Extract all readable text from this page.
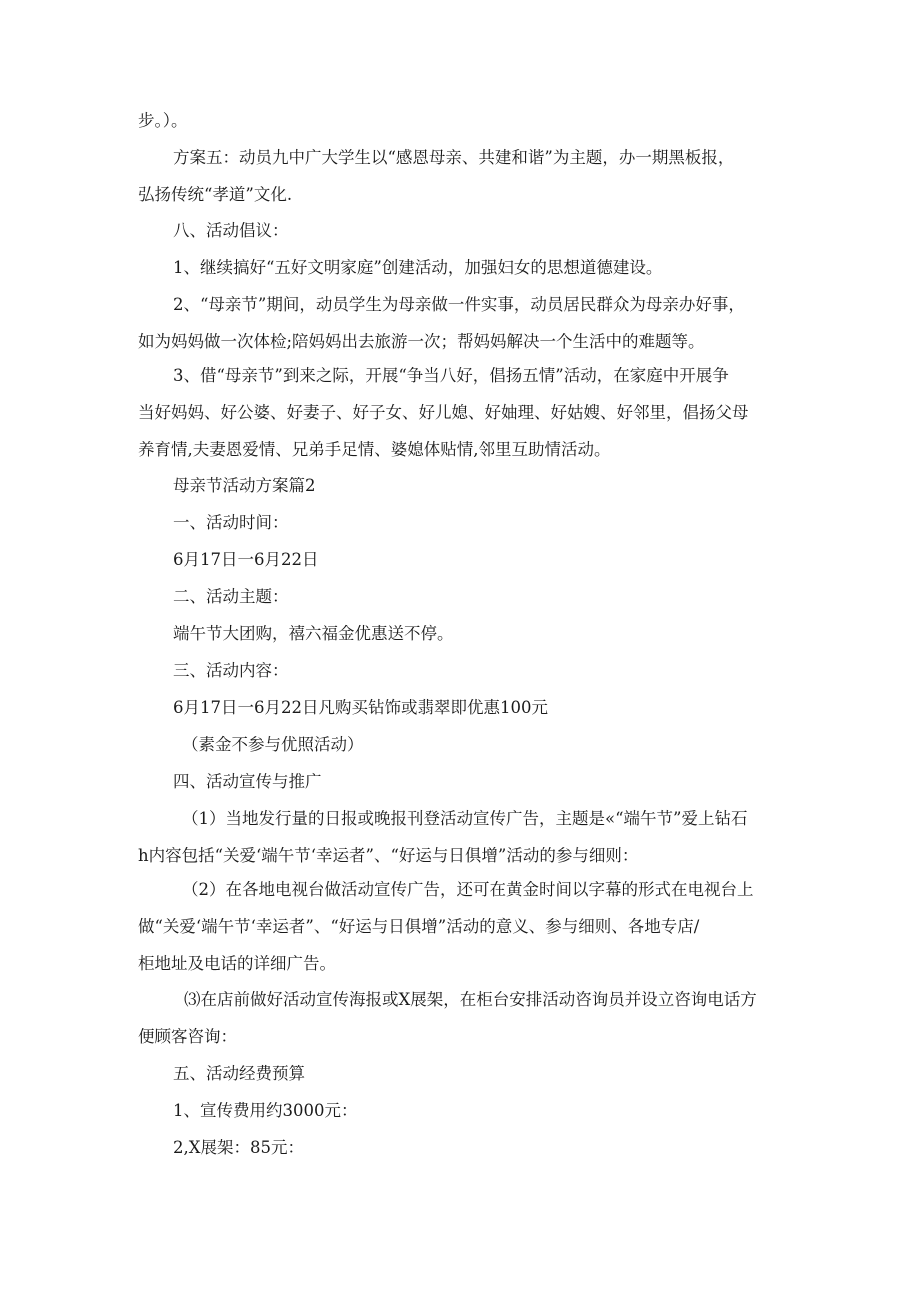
步。）。

方案五：动员九中广大学生以“感恩母亲、共建和谐”为主题，办一期黑板报，
弘扬传统“孝道”文化.

八、活动倡议：

1、继续搞好“五好文明家庭”创建活动，加强妇女的思想道德建设。

2、“母亲节”期间，动员学生为母亲做一件实事，动员居民群众为母亲办好事，
如为妈妈做一次体检;陪妈妈出去旅游一次；帮妈妈解决一个生活中的难题等。

3、借“母亲节”到来之际，开展“争当八好，倡扬五情”活动，在家庭中开展争
当好妈妈、好公婆、好妻子、好子女、好儿媳、好妯理、好姑嫂、好邻里，倡扬父母
养育情,夫妻恩爱情、兄弟手足情、婆媳体贴情,邻里互助情活动。

母亲节活动方案篇2

一、活动时间：

6月17日一6月22日

二、活动主题：

端午节大团购，禧六福金优惠送不停。

三、活动内容：

6月17日一6月22日凡购买钻饰或翡翠即优惠100元

（素金不参与优照活动）

四、活动宣传与推广

（1）当地发行量的日报或晚报刊登活动宣传广告，主题是«“端午节”爱上钻石
h内容包括“关爱‘端午节‘幸运者”、“好运与日俱增”活动的参与细则：

（2）在各地电视台做活动宣传广告，还可在黄金时间以字幕的形式在电视台上
做“关爱‘端午节‘幸运者”、“好运与日俱增”活动的意义、参与细则、各地专店/
柜地址及电话的详细广告。

⑶在店前做好活动宣传海报或X展架，在柜台安排活动咨询员并设立咨询电话方
便顾客咨询：

五、活动经费预算

1、宣传费用约3000元：

2,X展架：85元：
